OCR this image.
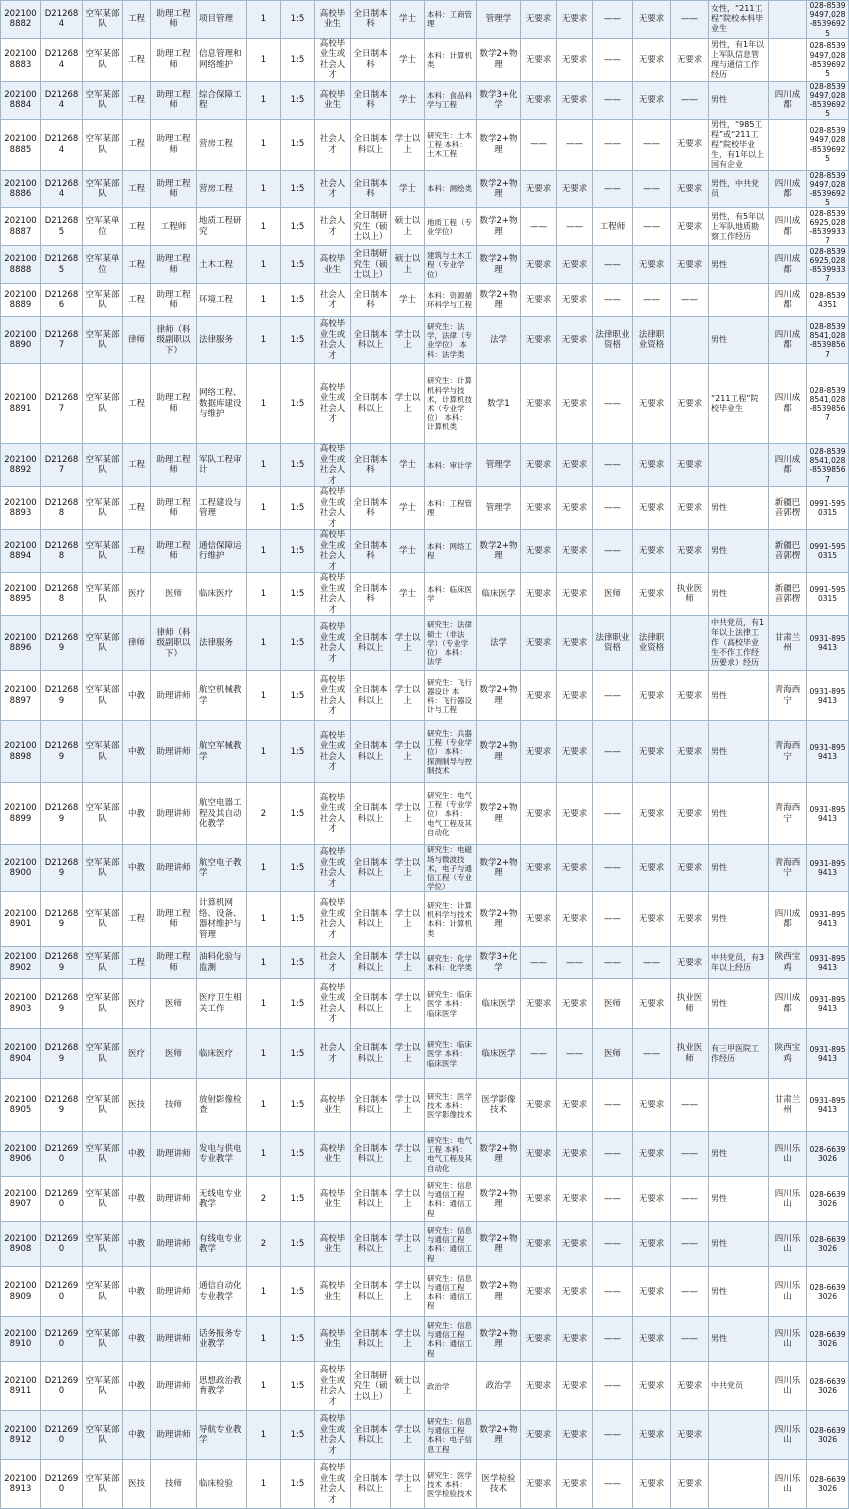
2021008882	D212684	空军某部队	工程	助理工程师	项目管理	1	1:5	高校毕业生	全日制本科	学士	本科：工商管理	管理学	无要求	无要求	——	无要求	——	女性，“211工程”院校本科毕业生		028-85399497,028-85396925
2021008883	D212684	空军某部队	工程	助理工程师	信息管理和网络维护	1	1:5	高校毕业生或社会人才	全日制本科	学士	本科：计算机类	数学2+物理	无要求	无要求	——	无要求	无要求	男性，有1年以上军队信息管理与通信工作经历		028-85399497,028-85396925
2021008884	D212684	空军某部队	工程	助理工程师	综合保障工程	1	1:5	高校毕业生	全日制本科	学士	本科：食品科学与工程	数学3+化学	无要求	无要求	——	无要求	——	男性	四川成都	028-85399497,028-85396925
2021008885	D212684	空军某部队	工程	助理工程师	营房工程	1	1:5	社会人才	全日制本科以上	学士以上	研究生：土木工程 本科：土木工程	数学2+物理	——	——	——	——	无要求	男性，“985工程”或“211工程”院校毕业生，有1年以上国有企业		028-85399497,028-85396925
2021008886	D212684	空军某部队	工程	助理工程师	营房工程	1	1:5	社会人才	全日制本科	学士	本科：测绘类	数学2+物理	无要求	无要求	——	——	无要求	男性，中共党员	四川成都	028-85399497,028-85396925
2021008887	D212685	空军某单位	工程	工程师	地质工程研究	1	1:5	社会人才	全日制研究生（硕士以上）	硕士以上	地质工程（专业学位）	数学2+物理	——	——	工程师	——	无要求	男性，有5年以上军队地质勘察工作经历	四川成都	028-85396925,028-85399337
2021008888	D212685	空军某单位	工程	助理工程师	土木工程	1	1:5	高校毕业生	全日制研究生（硕士以上）	硕士以上	建筑与土木工程（专业学位）	数学2+物理	无要求	无要求	——	无要求	无要求	男性	四川成都	028-85396925,028-85399337
2021008889	D212686	空军某部队	工程	助理工程师	环境工程	1	1:5	社会人才	全日制本科	学士	本科：资源循环科学与工程	数学2+物理	无要求	无要求	——	——	——		四川成都	028-85394351
2021008890	D212687	空军某部队	律师	律师（科级副职以下）	法律服务	1	1:5	高校毕业生或社会人才	全日制本科以上	学士以上	研究生：法学，法律（专业学位） 本科：法学类	法学	无要求	无要求	法律职业资格	法律职业资格		男性	四川成都	028-85398541,028-85398567
2021008891	D212687	空军某部队	工程	助理工程师	网络工程、数据库建设与维护	1	1:5	高校毕业生或社会人才	全日制本科以上	学士以上	研究生：计算机科学与技术，计算机技术（专业学位） 本科：计算机类	数学1	无要求	无要求	——	无要求	无要求	“211工程”院校毕业生	四川成都	028-85398541,028-85398567
2021008892	D212687	空军某部队	工程	助理工程师	军队工程审计	1	1:5	高校毕业生或社会人才	全日制本科	学士	本科：审计学	管理学	无要求	无要求	——	无要求	无要求		四川成都	028-85398541,028-85398567
2021008893	D212688	空军某部队	工程	助理工程师	工程建设与管理	1	1:5	高校毕业生或社会人才	全日制本科	学士	本科：工程管理	管理学	无要求	无要求	——	无要求	无要求	男性	新疆巴音郭楞	0991-5950315
2021008894	D212688	空军某部队	工程	助理工程师	通信保障运行维护	1	1:5	高校毕业生或社会人才	全日制本科	学士	本科：网络工程	数学2+物理	无要求	无要求	——	无要求	无要求	男性	新疆巴音郭楞	0991-5950315
2021008895	D212688	空军某部队	医疗	医师	临床医疗	1	1:5	高校毕业生或社会人才	全日制本科	学士	本科：临床医学	临床医学	无要求	无要求	医师	无要求	执业医师	男性	新疆巴音郭楞	0991-5950315
2021008896	D212689	空军某部队	律师	律师（科级副职以下）	法律服务	1	1:5	高校毕业生或社会人才	全日制本科以上	学士以上	研究生：法律硕士（非法学）（专业学位） 本科：法学	法学	无要求	无要求	法律职业资格	法律职业资格		中共党员，有1年以上法律工作（高校毕业生不作工作经历要求）经历	甘肃兰州	0931-8959413
2021008897	D212689	空军某部队	中教	助理讲师	航空机械教学	1	1:5	高校毕业生或社会人才	全日制本科以上	学士以上	研究生：飞行器设计 本科：飞行器设计与工程	数学2+物理	无要求	无要求	——	无要求	无要求	男性	青海西宁	0931-8959413
2021008898	D212689	空军某部队	中教	助理讲师	航空军械教学	1	1:5	高校毕业生或社会人才	全日制本科以上	学士以上	研究生：兵器工程（专业学位） 本科：探测制导与控制技术	数学2+物理	无要求	无要求	——	无要求	无要求	男性	青海西宁	0931-8959413
2021008899	D212689	空军某部队	中教	助理讲师	航空电器工程及其自动化教学	2	1:5	高校毕业生或社会人才	全日制本科以上	学士以上	研究生：电气工程（专业学位） 本科：电气工程及其自动化	数学2+物理	无要求	无要求	——	无要求	无要求	男性	青海西宁	0931-8959413
2021008900	D212689	空军某部队	中教	助理讲师	航空电子教学	1	1:5	高校毕业生或社会人才	全日制本科以上	学士以上	研究生：电磁场与微波技术，电子与通信工程（专业学位）	数学2+物理	无要求	无要求	——	无要求	无要求	男性	青海西宁	0931-8959413
2021008901	D212689	空军某部队	工程	助理工程师	计算机网络、设备、器材维护与管理	1	1:5	高校毕业生或社会人才	全日制本科以上	学士以上	研究生：计算机科学与技术 本科：计算机类	数学2+物理	无要求	无要求	——	无要求	无要求	男性	四川成都	0931-8959413
2021008902	D212689	空军某部队	工程	助理工程师	油料化验与监测	1	1:5	社会人才	全日制本科以上	学士以上	研究生：化学 本科：化学类	数学3+化学	——	——	——	——	无要求	中共党员，有3年以上经历	陕西宝鸡	0931-8959413
2021008903	D212689	空军某部队	医疗	医师	医疗卫生相关工作	1	1:5	高校毕业生或社会人才	全日制本科以上	学士以上	研究生：临床医学 本科：临床医学	临床医学	无要求	无要求	医师	无要求	执业医师	男性	四川成都	0931-8959413
2021008904	D212689	空军某部队	医疗	医师	临床医疗	1	1:5	社会人才	全日制本科以上	学士以上	研究生：临床医学 本科：临床医学	临床医学	——	——	医师	——	执业医师	有三甲医院工作经历	陕西宝鸡	0931-8959413
2021008905	D212689	空军某部队	医技	技师	放射影像检查	1	1:5	高校毕业生	全日制本科以上	学士以上	研究生：医学技术 本科：医学影像技术	医学影像技术	无要求	无要求	——	无要求	——		甘肃兰州	0931-8959413
2021008906	D212690	空军某部队	中教	助理讲师	发电与供电专业教学	1	1:5	高校毕业生	全日制本科以上	学士以上	研究生：电气工程 本科：电气工程及其自动化	数学2+物理	无要求	无要求	——	无要求	——	男性	四川乐山	028-66393026
2021008907	D212690	空军某部队	中教	助理讲师	无线电专业教学	2	1:5	高校毕业生	全日制本科以上	学士以上	研究生：信息与通信工程 本科：通信工程	数学2+物理	无要求	无要求	——	无要求	——	男性	四川乐山	028-66393026
2021008908	D212690	空军某部队	中教	助理讲师	有线电专业教学	2	1:5	高校毕业生	全日制本科以上	学士以上	研究生：信息与通信工程 本科：通信工程	数学2+物理	无要求	无要求	——	无要求	——	男性	四川乐山	028-66393026
2021008909	D212690	空军某部队	中教	助理讲师	通信自动化专业教学	1	1:5	高校毕业生	全日制本科以上	学士以上	研究生：信息与通信工程 本科：通信工程	数学2+物理	无要求	无要求	——	无要求	——	男性	四川乐山	028-66393026
2021008910	D212690	空军某部队	中教	助理讲师	话务报务专业教学	1	1:5	高校毕业生	全日制本科以上	学士以上	研究生：信息与通信工程 本科：通信工程	数学2+物理	无要求	无要求	——	无要求	——	男性	四川乐山	028-66393026
2021008911	D212690	空军某部队	中教	助理讲师	思想政治教育教学	1	1:5	高校毕业生或社会人才	全日制研究生（硕士以上）	硕士以上	政治学	政治学	无要求	无要求	——	无要求	无要求	中共党员	四川乐山	028-66393026
2021008912	D212690	空军某部队	中教	助理讲师	导航专业教学	1	1:5	高校毕业生或社会人才	全日制本科以上	学士以上	研究生：信息与通信工程 本科：电子信息工程	数学2+物理	无要求	无要求	——	无要求	无要求		四川乐山	028-66393026
2021008913	D212690	空军某部队	医技	技师	临床检验	1	1:5	高校毕业生或社会人才	全日制本科以上	学士以上	研究生：医学技术 本科：医学检验技术	医学检验技术	无要求	无要求	——	无要求	无要求		四川乐山	028-66393026
